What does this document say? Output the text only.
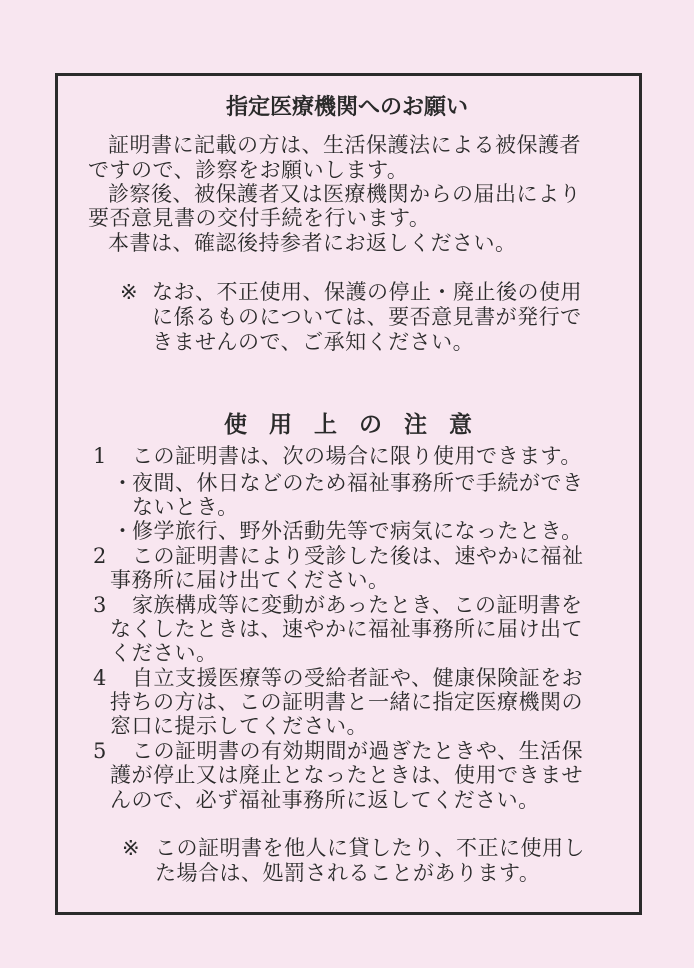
指定医療機関へのお願い
証明書に記載の方は、生活保護法による被保護者
ですので、診察をお願いします。
診察後、被保護者又は医療機関からの届出により
要否意見書の交付手続を行います。
本書は、確認後持参者にお返しください。
※ なお、不正使用、保護の停止・廃止後の使用
に係るものについては、要否意見書が発行で
きませんので、ご承知ください。
使用上の注意
1 この証明書は、次の場合に限り使用できます。
・ 夜間、休日などのため福祉事務所で手続ができ
ないとき。
・ 修学旅行、野外活動先等で病気になったとき。
2 この証明書により受診した後は、速やかに福祉
事務所に届け出てください。
3 家族構成等に変動があったとき、この証明書を
なくしたときは、速やかに福祉事務所に届け出て
ください。
4 自立支援医療等の受給者証や、健康保険証をお
持ちの方は、この証明書と一緒に指定医療機関の
窓口に提示してください。
5 この証明書の有効期間が過ぎたときや、生活保
護が停止又は廃止となったときは、使用できませ
んので、必ず福祉事務所に返してください。
※ この証明書を他人に貸したり、不正に使用し
た場合は、処罰されることがあります。
